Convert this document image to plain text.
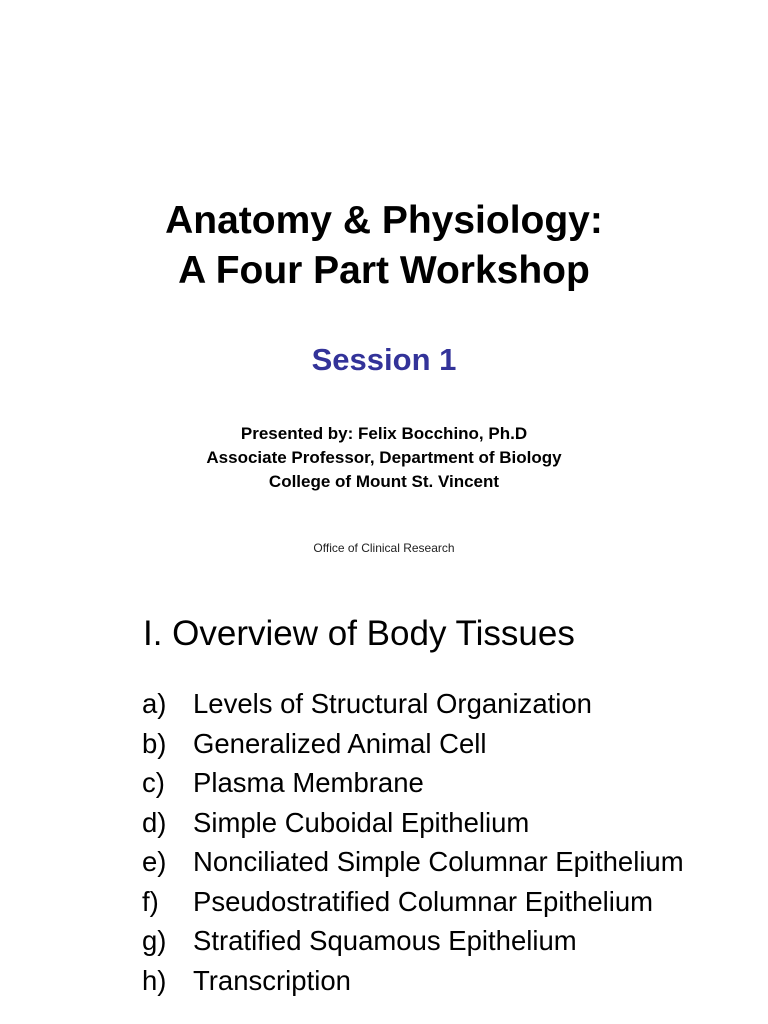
Anatomy & Physiology:
A Four Part Workshop
Session 1
Presented by: Felix Bocchino, Ph.D
Associate Professor, Department of Biology
College of Mount St. Vincent
Office of Clinical Research
I. Overview of Body Tissues
a) Levels of Structural Organization
b) Generalized Animal Cell
c)	Plasma Membrane
d) Simple Cuboidal Epithelium
e) Nonciliated Simple Columnar Epithelium
f)	Pseudostratified Columnar Epithelium
g) Stratified Squamous Epithelium
h) Transcription
